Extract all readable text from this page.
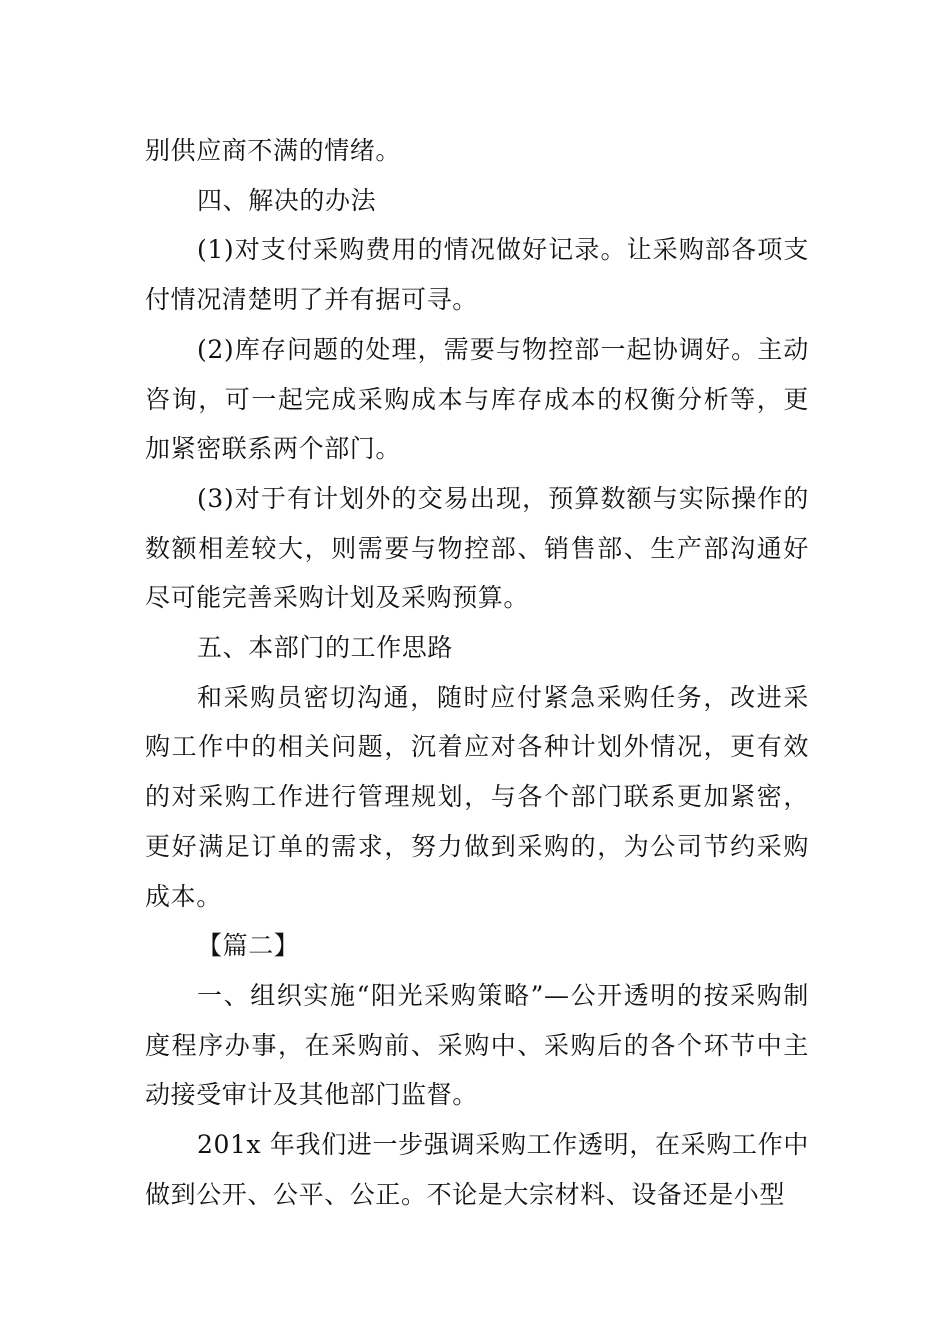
别供应商不满的情绪。

四、解决的办法

(1)对支付采购费用的情况做好记录。让采购部各项支付情况清楚明了并有据可寻。

(2)库存问题的处理，需要与物控部一起协调好。主动咨询，可一起完成采购成本与库存成本的权衡分析等，更加紧密联系两个部门。

(3)对于有计划外的交易出现，预算数额与实际操作的数额相差较大，则需要与物控部、销售部、生产部沟通好尽可能完善采购计划及采购预算。

五、本部门的工作思路

和采购员密切沟通，随时应付紧急采购任务，改进采购工作中的相关问题，沉着应对各种计划外情况，更有效的对采购工作进行管理规划，与各个部门联系更加紧密，更好满足订单的需求，努力做到采购的，为公司节约采购成本。

【篇二】

一、组织实施“阳光采购策略”—公开透明的按采购制度程序办事，在采购前、采购中、采购后的各个环节中主动接受审计及其他部门监督。

201x 年我们进一步强调采购工作透明，在采购工作中做到公开、公平、公正。不论是大宗材料、设备还是小型
